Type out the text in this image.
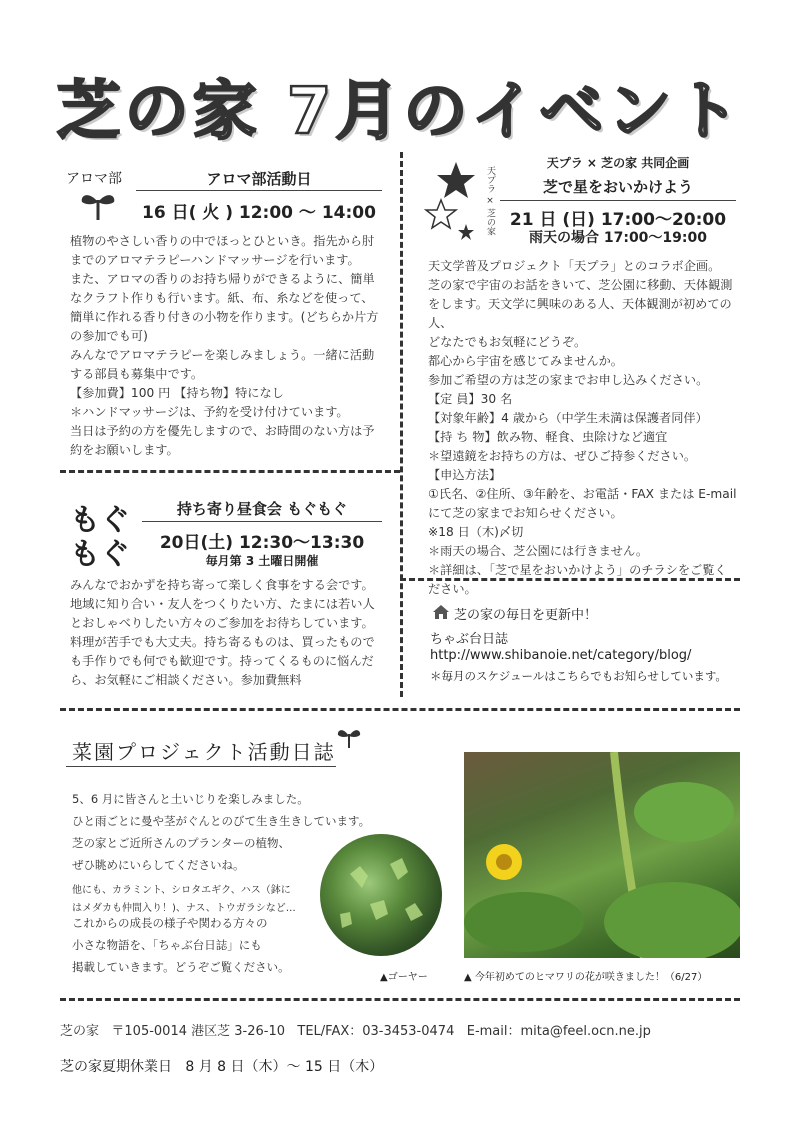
芝の家 7月のイベント
アロマ部	アロマ部活動日
16 日( 火 ) 12:00 〜 14:00
植物のやさしい香りの中でほっとひといき。指先から肘
までのアロマテラピーハンドマッサージを行います。
また、アロマの香りのお持ち帰りができるように、簡単
なクラフト作りも行います。紙、布、糸などを使って、
簡単に作れる香り付きの小物を作ります。(どちらか片方
の参加でも可)
みんなでアロマテラピーを楽しみましょう。一緒に活動
する部員も募集中です。
【参加費】100 円 【持ち物】特になし
＊ハンドマッサージは、予約を受け付けています。
当日は予約の方を優先しますので、お時間のない方は予
約をお願いします。
もぐ
もぐ
持ち寄り昼食会 もぐもぐ
20日(土) 12:30〜13:30
毎月第 3 土曜日開催
みんなでおかずを持ち寄って楽しく食事をする会です。
地域に知り合い・友人をつくりたい方、たまには若い人
とおしゃべりしたい方々のご参加をお待ちしています。
料理が苦手でも大丈夫。持ち寄るものは、買ったもので
も手作りでも何でも歓迎です。持ってくるものに悩んだ
ら、お気軽にご相談ください。参加費無料
天プラ × 芝の家
天プラ × 芝の家 共同企画
芝で星をおいかけよう
21 日 (日) 17:00〜20:00
雨天の場合 17:00〜19:00
天文学普及プロジェクト「天プラ」とのコラボ企画。
芝の家で宇宙のお話をきいて、芝公園に移動、天体観測
をします。天文学に興味のある人、天体観測が初めての人、
どなたでもお気軽にどうぞ。
都心から宇宙を感じてみませんか。
参加ご希望の方は芝の家までお申し込みください。
【定 員】30 名
【対象年齢】4 歳から（中学生未満は保護者同伴）
【持 ち 物】飲み物、軽食、虫除けなど適宜
＊望遠鏡をお持ちの方は、ぜひご持参ください。
【申込方法】
①氏名、②住所、③年齢を、お電話・FAX または E-mail
にて芝の家までお知らせください。
※18 日（木)〆切
＊雨天の場合、芝公園には行きません。
＊詳細は、「芝で星をおいかけよう」のチラシをご覧く
ださい。
芝の家の毎日を更新中！
ちゃぶ台日誌
http://www.shibanoie.net/category/blog/
＊毎月のスケジュールはこちらでもお知らせしています。
菜園プロジェクト活動日誌
5、6 月に皆さんと土いじりを楽しみました。
ひと雨ごとに曼や茎がぐんとのびて生き生きしています。
芝の家とご近所さんのプランターの植物、
ぜひ眺めにいらしてくださいね。
他にも、カラミント、シロタエギク、ハス（鉢に
はメダカも仲間入り！)、ナス、トウガラシなど…
これからの成長の様子や関わる方々の
小さな物語を、「ちゃぶ台日誌」にも
掲載していきます。どうぞご覧ください。
▲ゴーヤー	▲ 今年初めてのヒマワリの花が咲きました！（6/27）
芝の家   〒105-0014 港区芝 3-26-10   TEL/FAX：03-3453-0474   E-mail：mita@feel.ocn.ne.jp
芝の家夏期休業日   8 月 8 日（木）〜 15 日（木）
